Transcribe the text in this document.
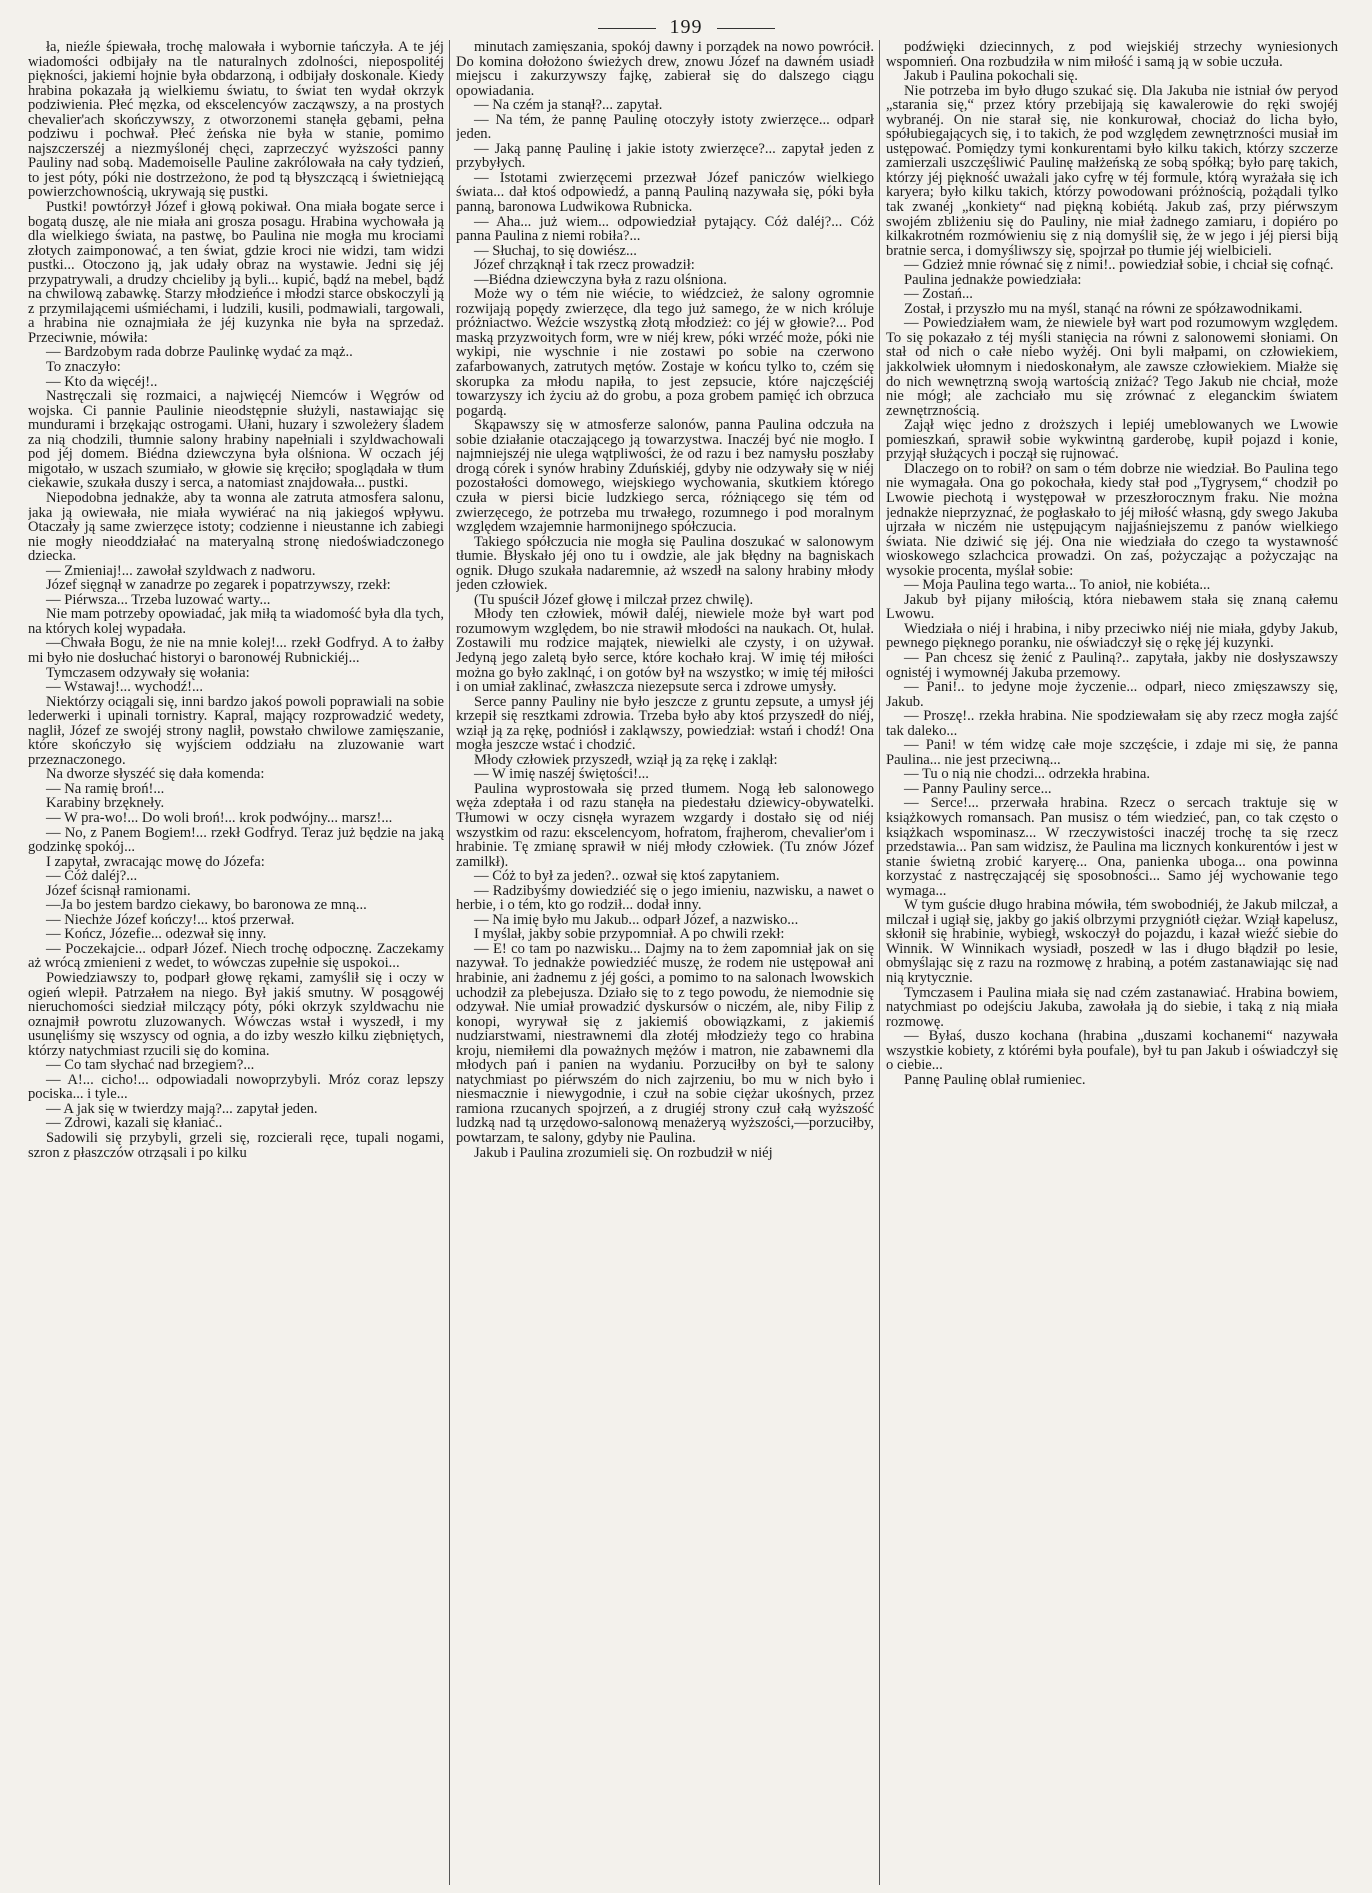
199

ła, nieźle śpiewała, trochę malowała i wybornie tańczyła. A te jéj wiadomości odbijały na tle naturalnych zdolności, niepospolitéj piękności, jakiemi hojnie była obdarzoną, i odbijały doskonale. Kiedy hrabina pokazała ją wielkiemu światu, to świat ten wydał okrzyk podziwienia. Płeć męzka, od ekscelencyów zacząwszy, a na prostych chevalier'ach skończywszy, z otworzonemi stanęła gębami, pełna podziwu i pochwał. Płeć żeńska nie była w stanie, pomimo najszczerszéj a niezmyślonéj chęci, zaprzeczyć wyższości panny Pauliny nad sobą. Mademoiselle Pauline zakrólowała na cały tydzień, to jest póty, póki nie dostrzeżono, że pod tą błyszczącą i świetniejącą powierzchownością, ukrywają się pustki.

Pustki! powtórzył Józef i głową pokiwał. Ona miała bogate serce i bogatą duszę, ale nie miała ani grosza posagu. Hrabina wychowała ją dla wielkiego świata, na pastwę, bo Paulina nie mogła mu krociami złotych zaimponować, a ten świat, gdzie kroci nie widzi, tam widzi pustki... Otoczono ją, jak udały obraz na wystawie. Jedni się jéj przypatrywali, a drudzy chcieliby ją byli... kupić, bądź na mebel, bądź na chwilową zabawkę. Starzy młodzieńce i młodzi starce obskoczyli ją z przymilającemi uśmiéchami, i ludzili, kusili, podmawiali, targowali, a hrabina nie oznajmiała że jéj kuzynka nie była na sprzedaż. Przeciwnie, mówiła:

— Bardzobym rada dobrze Paulinkę wydać za mąż..

To znaczyło:

— Kto da więcéj!..

Nastręczali się rozmaici, a najwięcéj Niemców i Węgrów od wojska. Ci pannie Paulinie nieodstępnie służyli, nastawiając się mundurami i brzękając ostrogami. Ułani, huzary i szwoleżery śladem za nią chodzili, tłumnie salony hrabiny napełniali i szyldwachowali pod jéj domem. Biédna dziewczyna była olśniona. W oczach jéj migotało, w uszach szumiało, w głowie się kręciło; spoglądała w tłum ciekawie, szukała duszy i serca, a natomiast znajdowała... pustki.

Niepodobna jednakże, aby ta wonna ale zatruta atmosfera salonu, jaka ją owiewała, nie miała wywiérać na nią jakiegoś wpływu. Otaczały ją same zwierzęce istoty; codzienne i nieustanne ich zabiegi nie mogły nieoddziałać na materyalną stronę niedoświadczonego dziecka.

— Zmieniaj!... zawołał szyldwach z nadworu.

Józef sięgnął w zanadrze po zegarek i popatrzywszy, rzekł:

— Piérwsza... Trzeba luzować warty...

Nie mam potrzeby opowiadać, jak miłą ta wiadomość była dla tych, na których kolej wypadała.

—Chwała Bogu, że nie na mnie kolej!... rzekł Godfryd. A to żałby mi było nie dosłuchać historyi o baronowéj Rubnickiéj...

Tymczasem odzywały się wołania:

— Wstawaj!... wychodź!...

Niektórzy ociągali się, inni bardzo jakoś powoli poprawiali na sobie lederwerki i upinali tornistry. Kapral, mający rozprowadzić wedety, naglił, Józef ze swojéj strony naglił, powstało chwilowe zamięszanie, które skończyło się wyjściem oddziału na zluzowanie wart przeznaczonego.

Na dworze słyszéć się dała komenda:

— Na ramię broń!...

Karabiny brzękneły.

— W pra-wo!... Do woli broń!... krok podwójny... marsz!...

— No, z Panem Bogiem!... rzekł Godfryd. Teraz już będzie na jaką godzinkę spokój...

I zapytał, zwracając mowę do Józefa:

— Cóż daléj?...

Józef ścisnął ramionami.

—Ja bo jestem bardzo ciekawy, bo baronowa ze mną...

— Niechże Józef kończy!... ktoś przerwał.

— Kończ, Józefie... odezwał się inny.

— Poczekajcie... odparł Józef. Niech trochę odpocznę. Zaczekamy aż wrócą zmienieni z wedet, to wówczas zupełnie się uspokoi...

Powiedziawszy to, podparł głowę rękami, zamyślił się i oczy w ogień wlepił. Patrzałem na niego. Był jakiś smutny. W posągowéj nieruchomości siedział milczący póty, póki okrzyk szyldwachu nie oznajmił powrotu zluzowanych. Wówczas wstał i wyszedł, i my usunęliśmy się wszyscy od ognia, a do izby weszło kilku ziębniętych, którzy natychmiast rzucili się do komina.

— Co tam słychać nad brzegiem?...

— A!... cicho!... odpowiadali nowoprzybyli. Mróz coraz lepszy pociska... i tyle...

— A jak się w twierdzy mają?... zapytał jeden.

— Zdrowi, kazali się kłaniać..

Sadowili się przybyli, grzeli się, rozcierali ręce, tupali nogami, szron z płaszczów otrząsali i po kilku

minutach zamięszania, spokój dawny i porządek na nowo powrócił. Do komina dołożono świeżych drew, znowu Józef na dawném usiadł miejscu i zakurzywszy fajkę, zabierał się do dalszego ciągu opowiadania.

— Na czém ja stanął?... zapytał.

— Na tém, że pannę Paulinę otoczyły istoty zwierzęce... odparł jeden.

— Jaką pannę Paulinę i jakie istoty zwierzęce?... zapytał jeden z przybyłych.

— Istotami zwierzęcemi przezwał Józef paniczów wielkiego świata... dał ktoś odpowiedź, a panną Pauliną nazywała się, póki była panną, baronowa Ludwikowa Rubnicka.

— Aha... już wiem... odpowiedział pytający. Cóż daléj?... Cóż panna Paulina z niemi robiła?...

— Słuchaj, to się dowiész...

Józef chrząknął i tak rzecz prowadził:

—Biédna dziewczyna była z razu olśniona.

Może wy o tém nie wiécie, to wiédzcież, że salony ogromnie rozwijają popędy zwierzęce, dla tego już samego, że w nich króluje próżniactwo. Weźcie wszystką złotą młodzież: co jéj w głowie?... Pod maską przyzwoitych form, wre w niéj krew, póki wrzéć może, póki nie wykipi, nie wyschnie i nie zostawi po sobie na czerwono zafarbowanych, zatrutych mętów. Zostaje w końcu tylko to, czém się skorupka za młodu napiła, to jest zepsucie, które najczęściéj towarzyszy ich życiu aż do grobu, a poza grobem pamięć ich obrzuca pogardą.

Skąpawszy się w atmosferze salonów, panna Paulina odczuła na sobie działanie otaczającego ją towarzystwa. Inaczéj być nie mogło. I najmniejszéj nie ulega wątpliwości, że od razu i bez namysłu poszłaby drogą córek i synów hrabiny Zduńskiéj, gdyby nie odzywały się w niéj pozostałości domowego, wiejskiego wychowania, skutkiem którego czuła w piersi bicie ludzkiego serca, różniącego się tém od zwierzęcego, że potrzeba mu trwałego, rozumnego i pod moralnym względem wzajemnie harmonijnego spółczucia.

Takiego spółczucia nie mogła się Paulina doszukać w salonowym tłumie. Błyskało jéj ono tu i owdzie, ale jak błędny na bagniskach ognik. Długo szukała nadaremnie, aż wszedł na salony hrabiny młody jeden człowiek.

(Tu spuścił Józef głowę i milczał przez chwilę).

Młody ten człowiek, mówił daléj, niewiele może był wart pod rozumowym względem, bo nie strawił młodości na naukach. Ot, hulał. Zostawili mu rodzice majątek, niewielki ale czysty, i on używał. Jedyną jego zaletą było serce, które kochało kraj. W imię téj miłości można go było zaklnąć, i on gotów był na wszystko; w imię téj miłości i on umiał zaklinać, zwłaszcza niezepsute serca i zdrowe umysły.

Serce panny Pauliny nie było jeszcze z gruntu zepsute, a umysł jéj krzepił się resztkami zdrowia. Trzeba było aby ktoś przyszedł do niéj, wziął ją za rękę, podniósł i zakląwszy, powiedział: wstań i chodź! Ona mogła jeszcze wstać i chodzić.

Młody człowiek przyszedł, wziął ją za rękę i zaklął:

— W imię naszéj świętości!...

Paulina wyprostowała się przed tłumem. Nogą łeb salonowego węża zdeptała i od razu stanęła na piedestału dziewicy-obywatelki. Tłumowi w oczy cisnęła wyrazem wzgardy i dostało się od niéj wszystkim od razu: ekscelencyom, hofratom, frajherom, chevalier'om i hrabinie. Tę zmianę sprawił w niéj młody człowiek. (Tu znów Józef zamilkł).

— Cóż to był za jeden?.. ozwał się ktoś zapytaniem.

— Radzibyśmy dowiedziéć się o jego imieniu, nazwisku, a nawet o herbie, i o tém, kto go rodził... dodał inny.

— Na imię było mu Jakub... odparł Józef, a nazwisko...

I myślał, jakby sobie przypomniał. A po chwili rzekł:

— E! co tam po nazwisku... Dajmy na to żem zapomniał jak on się nazywał. To jednakże powiedziéć muszę, że rodem nie ustępował ani hrabinie, ani żadnemu z jéj gości, a pomimo to na salonach lwowskich uchodził za plebejusza. Działo się to z tego powodu, że niemodnie się odzywał. Nie umiał prowadzić dyskursów o niczém, ale, niby Filip z konopi, wyrywał się z jakiemiś obowiązkami, z jakiemiś nudziarstwami, niestrawnemi dla złotéj młodzieży tego co hrabina kroju, niemiłemi dla poważnych mężów i matron, nie zabawnemi dla młodych pań i panien na wydaniu. Porzuciłby on był te salony natychmiast po piérwszém do nich zajrzeniu, bo mu w nich było i niesmacznie i niewygodnie, i czuł na sobie ciężar ukośnych, przez ramiona rzucanych spojrzeń, a z drugiéj strony czuł całą wyższość ludzką nad tą urzędowo-salonową menażeryą wyższości,—porzuciłby, powtarzam, te salony, gdyby nie Paulina.

Jakub i Paulina zrozumieli się. On rozbudził w niéj

podźwięki dziecinnych, z pod wiejskiéj strzechy wyniesionych wspomnień. Ona rozbudziła w nim miłość i samą ją w sobie uczuła.

Jakub i Paulina pokochali się.

Nie potrzeba im było długo szukać się. Dla Jakuba nie istniał ów peryod „starania się,“ przez który przebijają się kawalerowie do ręki swojéj wybranéj. On nie starał się, nie konkurował, chociaż do licha było, spółubiegających się, i to takich, że pod względem zewnętrzności musiał im ustępować. Pomiędzy tymi konkurentami było kilku takich, którzy szczerze zamierzali uszczęśliwić Paulinę małżeńską ze sobą spółką; było parę takich, którzy jéj piękność uważali jako cyfrę w téj formule, którą wyrażała się ich karyera; było kilku takich, którzy powodowani próżnością, pożądali tylko tak zwanéj „konkiety“ nad piękną kobiétą. Jakub zaś, przy piérwszym swojém zbliżeniu się do Pauliny, nie miał żadnego zamiaru, i dopiéro po kilkakrotném rozmówieniu się z nią domyślił się, że w jego i jéj piersi biją bratnie serca, i domyśliwszy się, spojrzał po tłumie jéj wielbicieli.

— Gdzież mnie równać się z nimi!.. powiedział sobie, i chciał się cofnąć.

Paulina jednakże powiedziała:

— Zostań...

Został, i przyszło mu na myśl, stanąć na równi ze spółzawodnikami.

— Powiedziałem wam, że niewiele był wart pod rozumowym względem. To się pokazało z téj myśli stanięcia na równi z salonowemi słoniami. On stał od nich o całe niebo wyżéj. Oni byli małpami, on człowiekiem, jakkolwiek ułomnym i niedoskonałym, ale zawsze człowiekiem. Miałże się do nich wewnętrzną swoją wartością zniżać? Tego Jakub nie chciał, może nie mógł; ale zachciało mu się zrównać z eleganckim światem zewnętrznością.

Zajął więc jedno z droższych i lepiéj umeblowanych we Lwowie pomieszkań, sprawił sobie wykwintną garderobę, kupił pojazd i konie, przyjął służących i począł się rujnować.

Dlaczego on to robił? on sam o tém dobrze nie wiedział. Bo Paulina tego nie wymagała. Ona go pokochała, kiedy stał pod „Tygrysem,“ chodził po Lwowie piechotą i występował w przeszłorocznym fraku. Nie można jednakże nieprzyznać, że pogłaskało to jéj miłość własną, gdy swego Jakuba ujrzała w niczém nie ustępującym najjaśniejszemu z panów wielkiego świata. Nie dziwić się jéj. Ona nie wiedziała do czego ta wystawność wioskowego szlachcica prowadzi. On zaś, pożyczając a pożyczając na wysokie procenta, myślał sobie:

— Moja Paulina tego warta... To anioł, nie kobiéta...

Jakub był pijany miłością, która niebawem stała się znaną całemu Lwowu.

Wiedziała o niéj i hrabina, i niby przeciwko niéj nie miała, gdyby Jakub, pewnego pięknego poranku, nie oświadczył się o rękę jéj kuzynki.

— Pan chcesz się żenić z Pauliną?.. zapytała, jakby nie dosłyszawszy ognistéj i wymownéj Jakuba przemowy.

— Pani!.. to jedyne moje życzenie... odparł, nieco zmięszawszy się, Jakub.

— Proszę!.. rzekła hrabina. Nie spodziewałam się aby rzecz mogła zajść tak daleko...

— Pani! w tém widzę całe moje szczęście, i zdaje mi się, że panna Paulina... nie jest przeciwną...

— Tu o nią nie chodzi... odrzekła hrabina.

— Panny Pauliny serce...

— Serce!... przerwała hrabina. Rzecz o sercach traktuje się w książkowych romansach. Pan musisz o tém wiedzieć, pan, co tak często o książkach wspominasz... W rzeczywistości inaczéj trochę ta się rzecz przedstawia... Pan sam widzisz, że Paulina ma licznych konkurentów i jest w stanie świetną zrobić karyerę... Ona, panienka uboga... ona powinna korzystać z nastręczającéj się sposobności... Samo jéj wychowanie tego wymaga...

W tym guście długo hrabina mówiła, tém swobodniéj, że Jakub milczał, a milczał i ugiął się, jakby go jakiś olbrzymi przygniótł ciężar. Wziął kapelusz, skłonił się hrabinie, wybiegł, wskoczył do pojazdu, i kazał wieźć siebie do Winnik. W Winnikach wysiadł, poszedł w las i długo błądził po lesie, obmyślając się z razu na rozmowę z hrabiną, a potém zastanawiając się nad nią krytycznie.

Tymczasem i Paulina miała się nad czém zastanawiać. Hrabina bowiem, natychmiast po odejściu Jakuba, zawołała ją do siebie, i taką z nią miała rozmowę.

— Byłaś, duszo kochana (hrabina „duszami kochanemi“ nazywała wszystkie kobiety, z którémi była poufale), był tu pan Jakub i oświadczył się o ciebie...

Pannę Paulinę oblał rumieniec.
